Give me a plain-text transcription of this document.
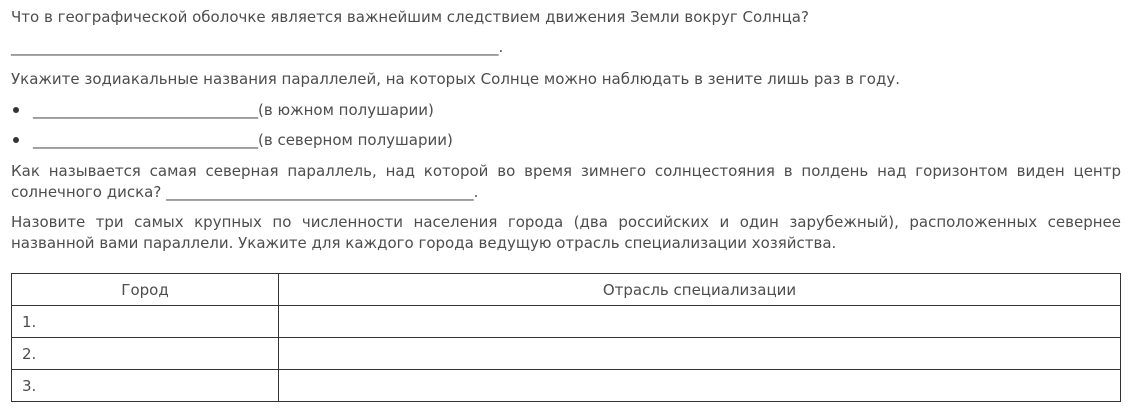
Что в географической оболочке является важнейшим следствием движения Земли вокруг Солнца?

_________________________________________________________________.

Укажите зодиакальные названия параллелей, на которых Солнце можно наблюдать в зените лишь раз в году.

______________________________ (в южном полушарии)
______________________________ (в северном полушарии)

Как называется самая северная параллель, над которой во время зимнего солнцестояния в полдень над горизонтом виден центр солнечного диска? _________________________________________.

Назовите три самых крупных по численности населения города (два российских и один зарубежный), расположенных севернее названной вами параллели. Укажите для каждого города ведущую отрасль специализации хозяйства.

Город	Отрасль специализации
1.	
2.	
3.	
